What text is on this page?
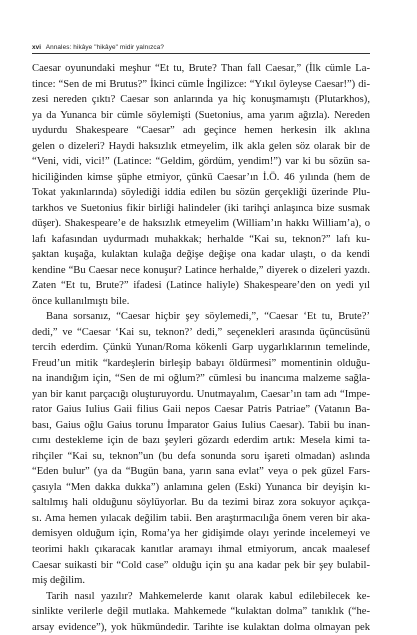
xvi Annales: hikâye "hikâye" midir yalnızca?
Caesar oyunundaki meşhur “Et tu, Brute? Than fall Caesar,” (İlk cümle La-
tince: “Sen de mi Brutus?” İkinci cümle İngilizce: “Yıkıl öyleyse Caesar!”) di-
zesi nereden çıktı? Caesar son anlarında ya hiç konuşmamıştı (Plutarkhos),
ya da Yunanca bir cümle söylemişti (Suetonius, ama yarım ağızla). Nereden
uydurdu Shakespeare “Caesar” adı geçince hemen herkesin ilk aklına
gelen o dizeleri? Haydi haksızlık etmeyelim, ilk akla gelen söz olarak bir de
“Veni, vidi, vici!” (Latince: “Geldim, gördüm, yendim!”) var ki bu sözün sa-
hiciliğinden kimse şüphe etmiyor, çünkü Caesar’ın İ.Ö. 46 yılında (hem de
Tokat yakınlarında) söylediği iddia edilen bu sözün gerçekliği üzerinde Plu-
tarkhos ve Suetonius fikir birliği halindeler (iki tarihçi anlaşınca bize susmak
düşer). Shakespeare’e de haksızlık etmeyelim (William’ın hakkı William’a), o
lafı kafasından uydurmadı muhakkak; herhalde “Kai su, teknon?” lafı ku-
şaktan kuşağa, kulaktan kulağa değişe değişe ona kadar ulaştı, o da kendi
kendine “Bu Caesar nece konuşur? Latince herhalde,” diyerek o dizeleri yazdı.
Zaten “Et tu, Brute?” ifadesi (Latince haliyle) Shakespeare’den on yedi yıl
önce kullanılmıştı bile.
Bana sorsanız, “Caesar hiçbir şey söylemedi,”, “Caesar ‘Et tu, Brute?’
dedi,” ve “Caesar ‘Kai su, teknon?’ dedi,” seçenekleri arasında üçüncüsünü
tercih ederdim. Çünkü Yunan/Roma kökenli Garp uygarlıklarının temelinde,
Freud’un mitik “kardeşlerin birleşip babayı öldürmesi” momentinin olduğu-
na inandığım için, “Sen de mi oğlum?” cümlesi bu inancıma malzeme sağla-
yan bir kanıt parçacığı oluşturuyordu. Unutmayalım, Caesar’ın tam adı “Impe-
rator Gaius Iulius Gaii filius Gaii nepos Caesar Patris Patriae” (Vatanın Ba-
bası, Gaius oğlu Gaius torunu İmparator Gaius Iulius Caesar). Tabii bu inan-
cımı destekleme için de bazı şeyleri gözardı ederdim artık: Mesela kimi ta-
rihçiler “Kai su, teknon”un (bu defa sonunda soru işareti olmadan) aslında
“Eden bulur” (ya da “Bugün bana, yarın sana evlat” veya o pek güzel Fars-
çasıyla “Men dakka dukka”) anlamına gelen (Eski) Yunanca bir deyişin kı-
saltılmış hali olduğunu söylüyorlar. Bu da tezimi biraz zora sokuyor açıkça-
sı. Ama hemen yılacak değilim tabii. Ben araştırmacılığa önem veren bir aka-
demisyen olduğum için, Roma’ya her gidişimde olayı yerinde incelemeyi ve
teorimi haklı çıkaracak kanıtlar aramayı ihmal etmiyorum, ancak maalesef
Caesar suikasti bir “Cold case” olduğu için şu ana kadar pek bir şey bulabil-
miş değilim.
Tarih nasıl yazılır? Mahkemelerde kanıt olarak kabul edilebilecek ke-
sinlikte verilerle değil mutlaka. Mahkemede “kulaktan dolma” tanıklık (“he-
arsay evidence”), yok hükmündedir. Tarihte ise kulaktan dolma olmayan pek
